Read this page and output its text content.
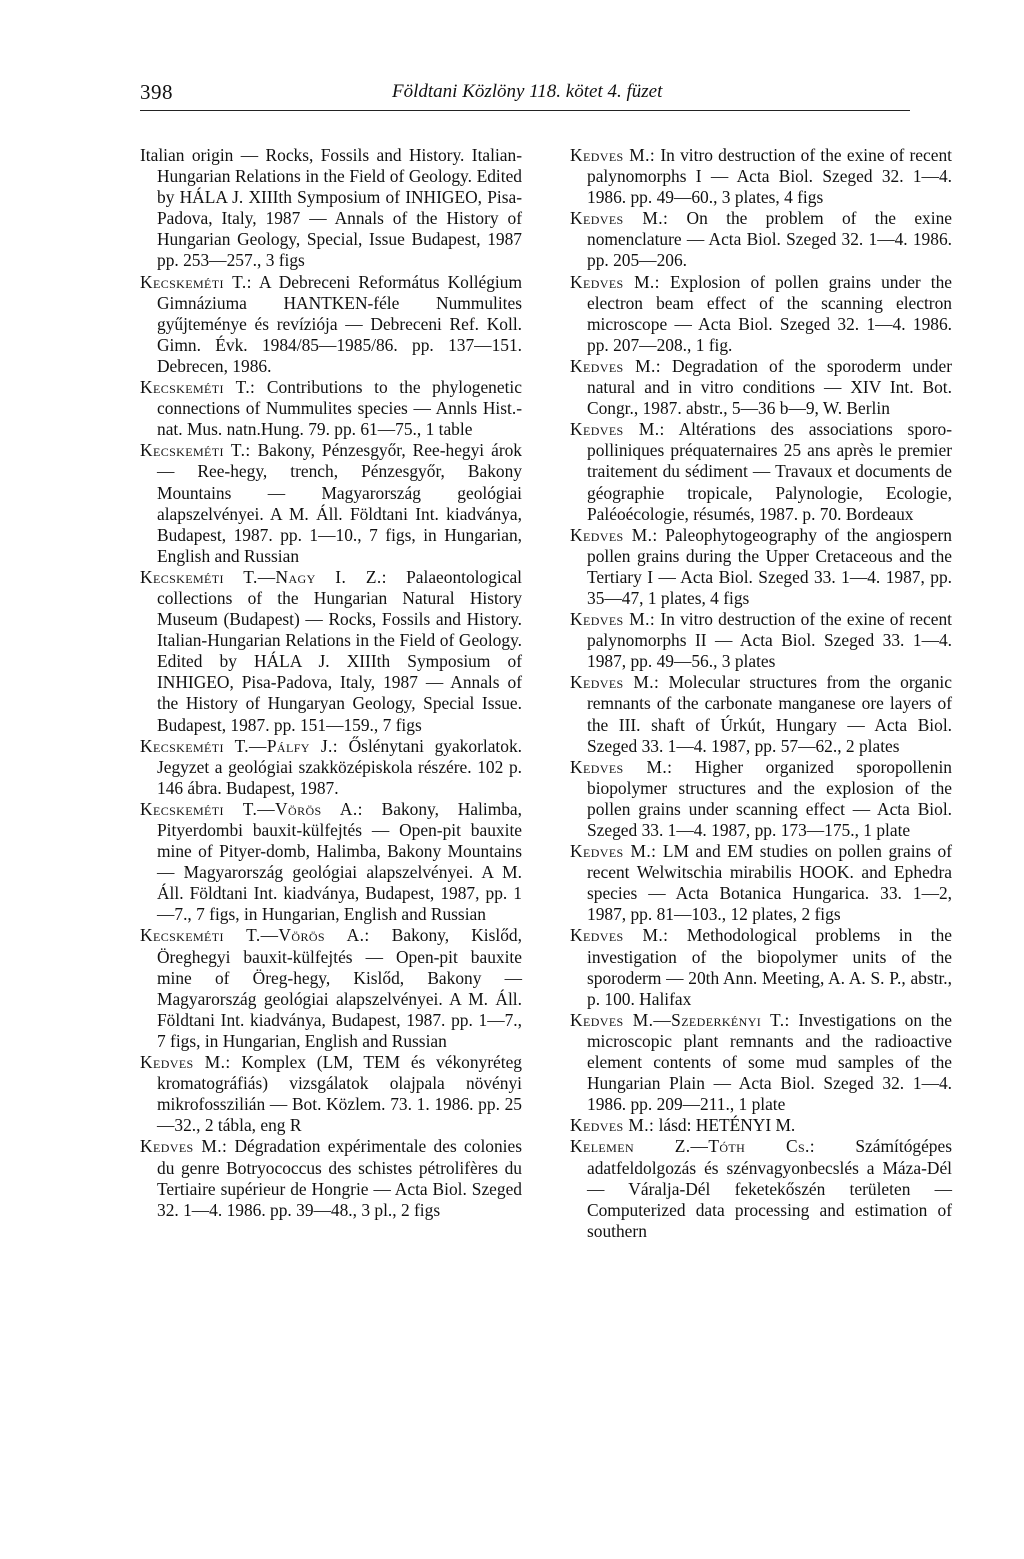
398	Földtani Közlöny 118. kötet 4. füzet

Italian origin — Rocks, Fossils and History. Italian-Hungarian Relations in the Field of Geology. Edited by HÁLA J. XIIIth Symposium of INHIGEO, Pisa-Padova, Italy, 1987 — Annals of the History of Hungarian Geology, Special, Issue Budapest, 1987 pp. 253—257., 3 figs

Kecskeméti T.: A Debreceni Református Kollégium Gimnáziuma HANTKEN-féle Nummulites gyűjteménye és revíziója — Debreceni Ref. Koll. Gimn. Évk. 1984/85—1985/86. pp. 137—151. Debrecen, 1986.

Kecskeméti T.: Contributions to the phylogenetic connections of Nummulites species — Annls Hist.-nat. Mus. natn.Hung. 79. pp. 61—75., 1 table

Kecskeméti T.: Bakony, Pénzesgyőr, Ree-hegyi árok — Ree-hegy, trench, Pénzesgyőr, Bakony Mountains — Magyarország geológiai alapszelvényei. A M. Áll. Földtani Int. kiadványa, Budapest, 1987. pp. 1—10., 7 figs, in Hungarian, English and Russian

Kecskeméti T.—Nagy I. Z.: Palaeontological collections of the Hungarian Natural History Museum (Budapest) — Rocks, Fossils and History. Italian-Hungarian Relations in the Field of Geology. Edited by HÁLA J. XIIIth Symposium of INHIGEO, Pisa-Padova, Italy, 1987 — Annals of the History of Hungaryan Geology, Special Issue. Budapest, 1987. pp. 151—159., 7 figs

Kecskeméti T.—Pálfy J.: Őslénytani gyakorlatok. Jegyzet a geológiai szakközépiskola részére. 102 p. 146 ábra. Budapest, 1987.

Kecskeméti T.—Vörös A.: Bakony, Halimba, Pityerdombi bauxit-külfejtés — Open-pit bauxite mine of Pityer-domb, Halimba, Bakony Mountains — Magyarország geológiai alapszelvényei. A M. Áll. Földtani Int. kiadványa, Budapest, 1987, pp. 1—7., 7 figs, in Hungarian, English and Russian

Kecskeméti T.—Vörös A.: Bakony, Kislőd, Öreghegyi bauxit-külfejtés — Open-pit bauxite mine of Öreg-hegy, Kislőd, Bakony — Magyarország geológiai alapszelvényei. A M. Áll. Földtani Int. kiadványa, Budapest, 1987. pp. 1—7., 7 figs, in Hungarian, English and Russian

Kedves M.: Komplex (LM, TEM és vékonyréteg kromatográfiás) vizsgálatok olajpala növényi mikrofosszilián — Bot. Közlem. 73. 1. 1986. pp. 25—32., 2 tábla, eng R

Kedves M.: Dégradation expérimentale des colonies du genre Botryococcus des schistes pétrolifères du Tertiaire supérieur de Hongrie — Acta Biol. Szeged 32. 1—4. 1986. pp. 39—48., 3 pl., 2 figs

Kedves M.: In vitro destruction of the exine of recent palynomorphs I — Acta Biol. Szeged 32. 1—4. 1986. pp. 49—60., 3 plates, 4 figs

Kedves M.: On the problem of the exine nomenclature — Acta Biol. Szeged 32. 1—4. 1986. pp. 205—206.

Kedves M.: Explosion of pollen grains under the electron beam effect of the scanning electron microscope — Acta Biol. Szeged 32. 1—4. 1986. pp. 207—208., 1 fig.

Kedves M.: Degradation of the sporoderm under natural and in vitro conditions — XIV Int. Bot. Congr., 1987. abstr., 5—36 b—9, W. Berlin

Kedves M.: Altérations des associations sporo-polliniques préquaternaires 25 ans après le premier traitement du sédiment — Travaux et documents de géographie tropicale, Palynologie, Ecologie, Paléoécologie, résumés, 1987. p. 70. Bordeaux

Kedves M.: Paleophytogeography of the angiospern pollen grains during the Upper Cretaceous and the Tertiary I — Acta Biol. Szeged 33. 1—4. 1987, pp. 35—47, 1 plates, 4 figs

Kedves M.: In vitro destruction of the exine of recent palynomorphs II — Acta Biol. Szeged 33. 1—4. 1987, pp. 49—56., 3 plates

Kedves M.: Molecular structures from the organic remnants of the carbonate manganese ore layers of the III. shaft of Úrkút, Hungary — Acta Biol. Szeged 33. 1—4. 1987, pp. 57—62., 2 plates

Kedves M.: Higher organized sporopollenin biopolymer structures and the explosion of the pollen grains under scanning effect — Acta Biol. Szeged 33. 1—4. 1987, pp. 173—175., 1 plate

Kedves M.: LM and EM studies on pollen grains of recent Welwitschia mirabilis HOOK. and Ephedra species — Acta Botanica Hungarica. 33. 1—2, 1987, pp. 81—103., 12 plates, 2 figs

Kedves M.: Methodological problems in the investigation of the biopolymer units of the sporoderm — 20th Ann. Meeting, A. A. S. P., abstr., p. 100. Halifax

Kedves M.—Szederkényi T.: Investigations on the microscopic plant remnants and the radioactive element contents of some mud samples of the Hungarian Plain — Acta Biol. Szeged 32. 1—4. 1986. pp. 209—211., 1 plate

Kedves M.: lásd: HETÉNYI M.

Kelemen Z.—Tóth Cs.: Számítógépes adatfeldolgozás és szénvagyonbecslés a Máza-Dél — Váralja-Dél feketekőszén területen — Computerized data processing and estimation of southern
